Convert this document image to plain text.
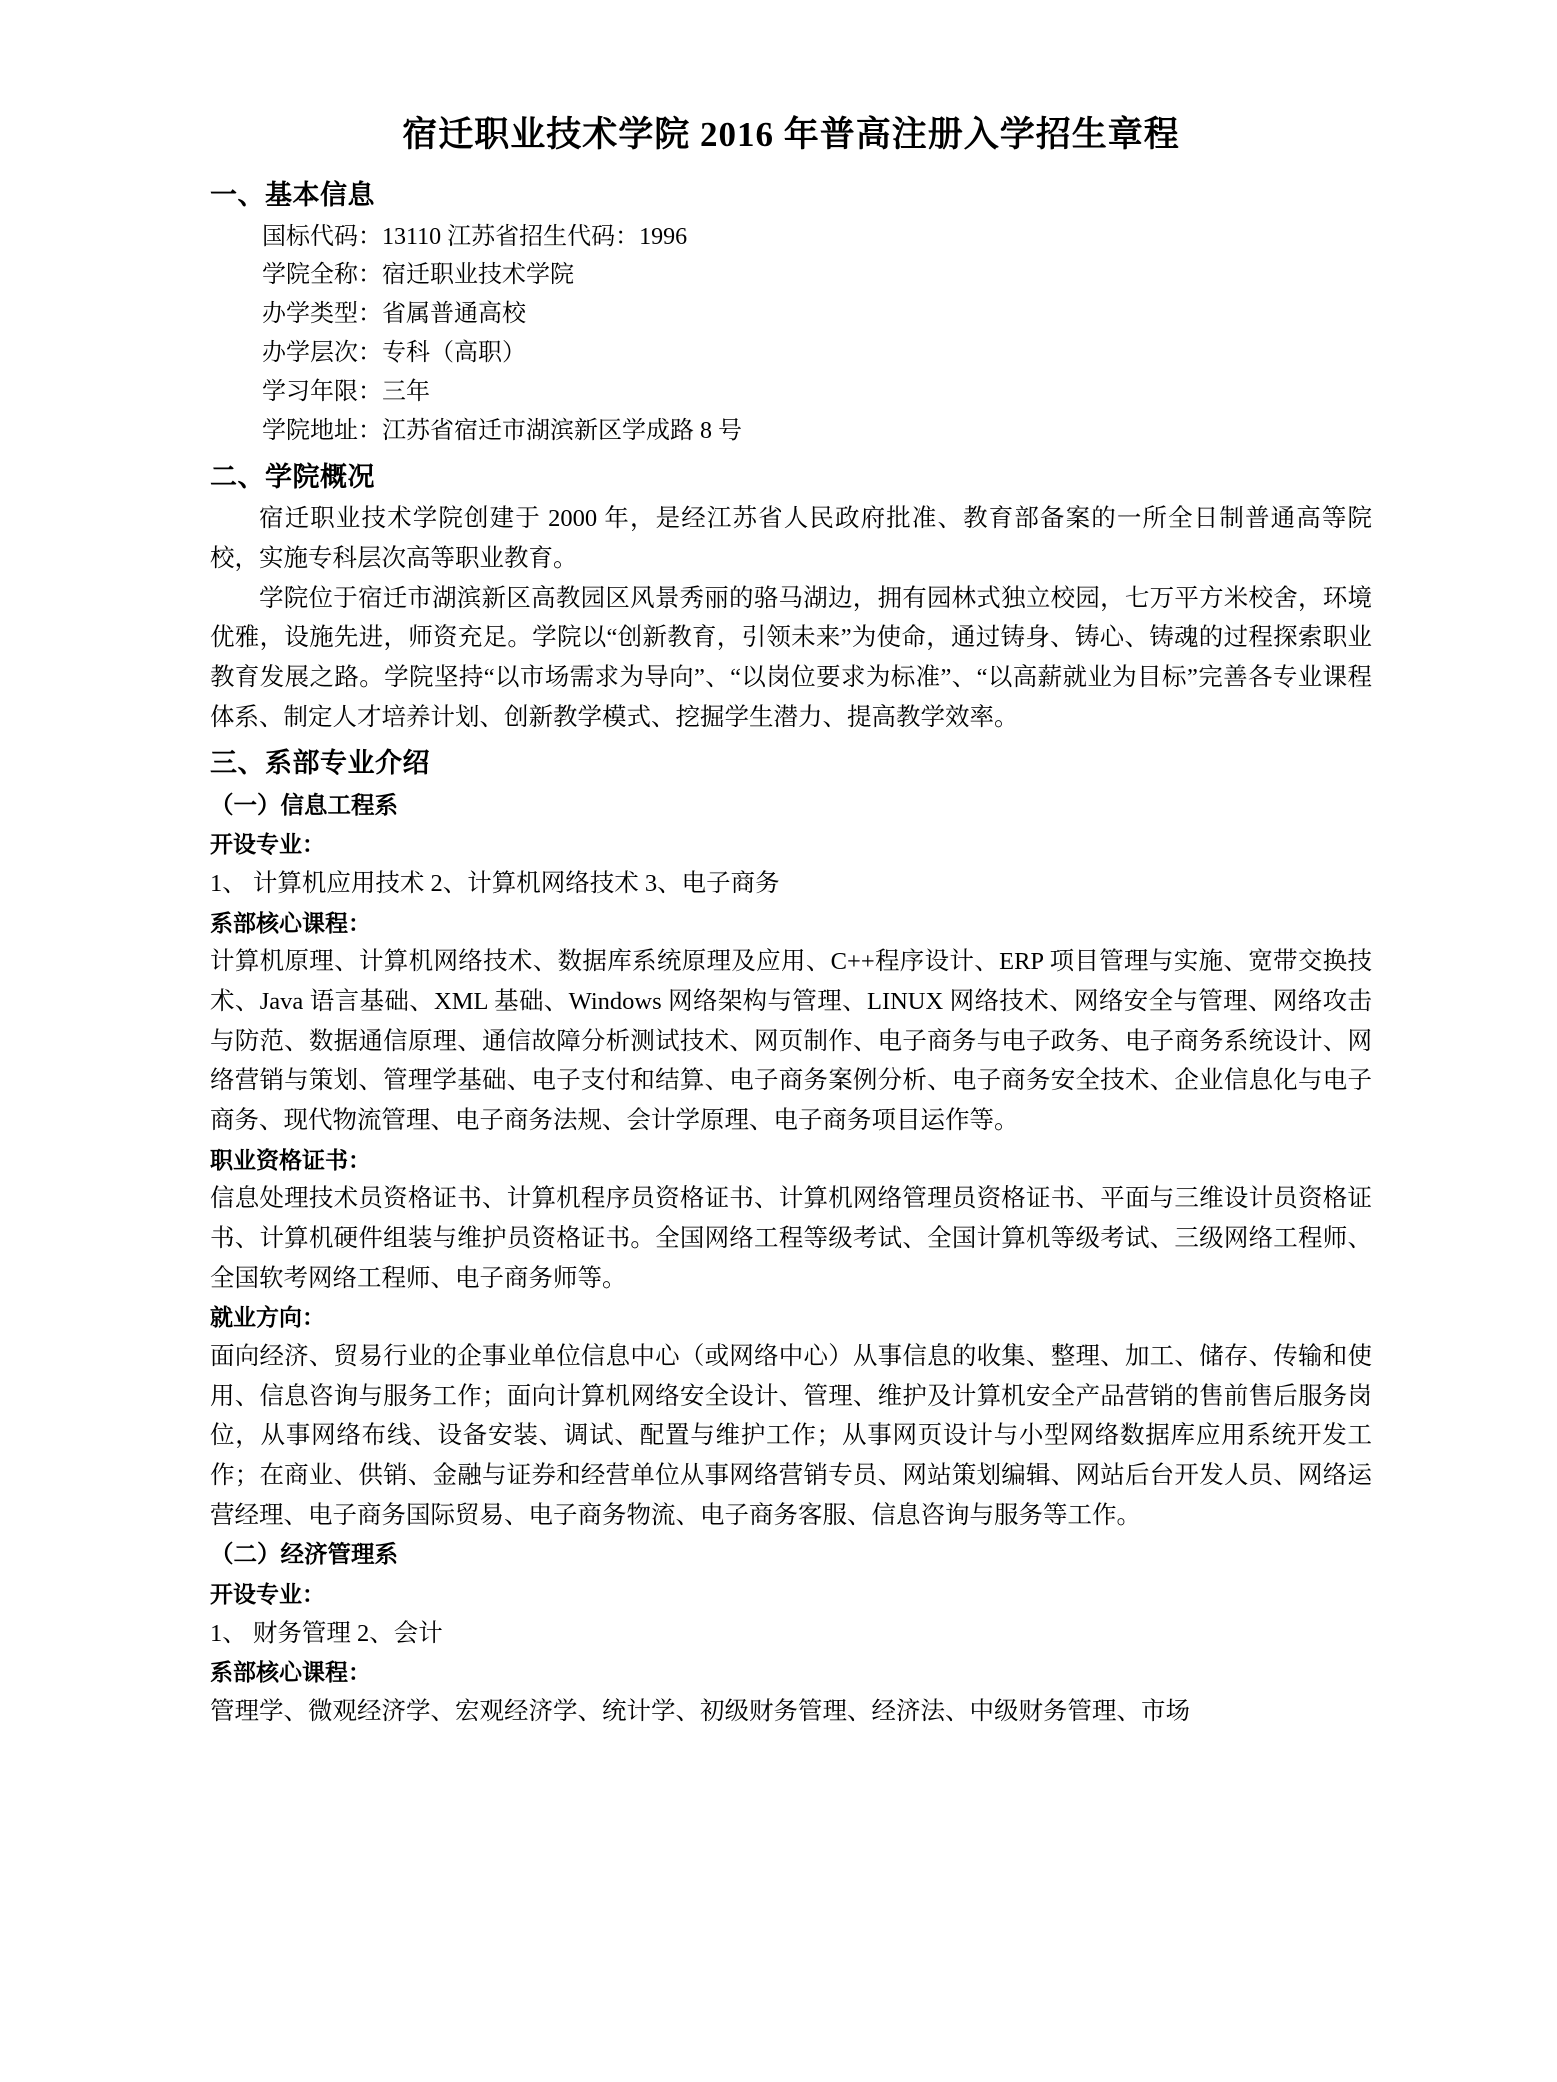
宿迁职业技术学院 2016 年普高注册入学招生章程
一、基本信息
国标代码：13110 江苏省招生代码：1996
学院全称：宿迁职业技术学院
办学类型：省属普通高校
办学层次：专科（高职）
学习年限：三年
学院地址：江苏省宿迁市湖滨新区学成路 8 号
二、学院概况

宿迁职业技术学院创建于 2000 年，是经江苏省人民政府批准、教育部备案的一所全日制普通高等院校，实施专科层次高等职业教育。

学院位于宿迁市湖滨新区高教园区风景秀丽的骆马湖边，拥有园林式独立校园，七万平方米校舍，环境优雅，设施先进，师资充足。学院以“创新教育，引领未来”为使命，通过铸身、铸心、铸魂的过程探索职业教育发展之路。学院坚持“以市场需求为导向”、“以岗位要求为标准”、“以高薪就业为目标”完善各专业课程体系、制定人才培养计划、创新教学模式、挖掘学生潜力、提高教学效率。

三、系部专业介绍
（一）信息工程系
开设专业：
1、 计算机应用技术 2、计算机网络技术 3、电子商务
系部核心课程：
计算机原理、计算机网络技术、数据库系统原理及应用、C++程序设计、ERP 项目管理与实施、宽带交换技术、Java 语言基础、XML 基础、Windows 网络架构与管理、LINUX 网络技术、网络安全与管理、网络攻击与防范、数据通信原理、通信故障分析测试技术、网页制作、电子商务与电子政务、电子商务系统设计、网络营销与策划、管理学基础、电子支付和结算、电子商务案例分析、电子商务安全技术、企业信息化与电子商务、现代物流管理、电子商务法规、会计学原理、电子商务项目运作等。
职业资格证书：
信息处理技术员资格证书、计算机程序员资格证书、计算机网络管理员资格证书、平面与三维设计员资格证书、计算机硬件组装与维护员资格证书。全国网络工程等级考试、全国计算机等级考试、三级网络工程师、全国软考网络工程师、电子商务师等。
就业方向：
面向经济、贸易行业的企事业单位信息中心（或网络中心）从事信息的收集、整理、加工、储存、传输和使用、信息咨询与服务工作；面向计算机网络安全设计、管理、维护及计算机安全产品营销的售前售后服务岗位，从事网络布线、设备安装、调试、配置与维护工作；从事网页设计与小型网络数据库应用系统开发工作；在商业、供销、金融与证券和经营单位从事网络营销专员、网站策划编辑、网站后台开发人员、网络运营经理、电子商务国际贸易、电子商务物流、电子商务客服、信息咨询与服务等工作。
（二）经济管理系
开设专业：
1、 财务管理 2、会计
系部核心课程：
管理学、微观经济学、宏观经济学、统计学、初级财务管理、经济法、中级财务管理、市场
